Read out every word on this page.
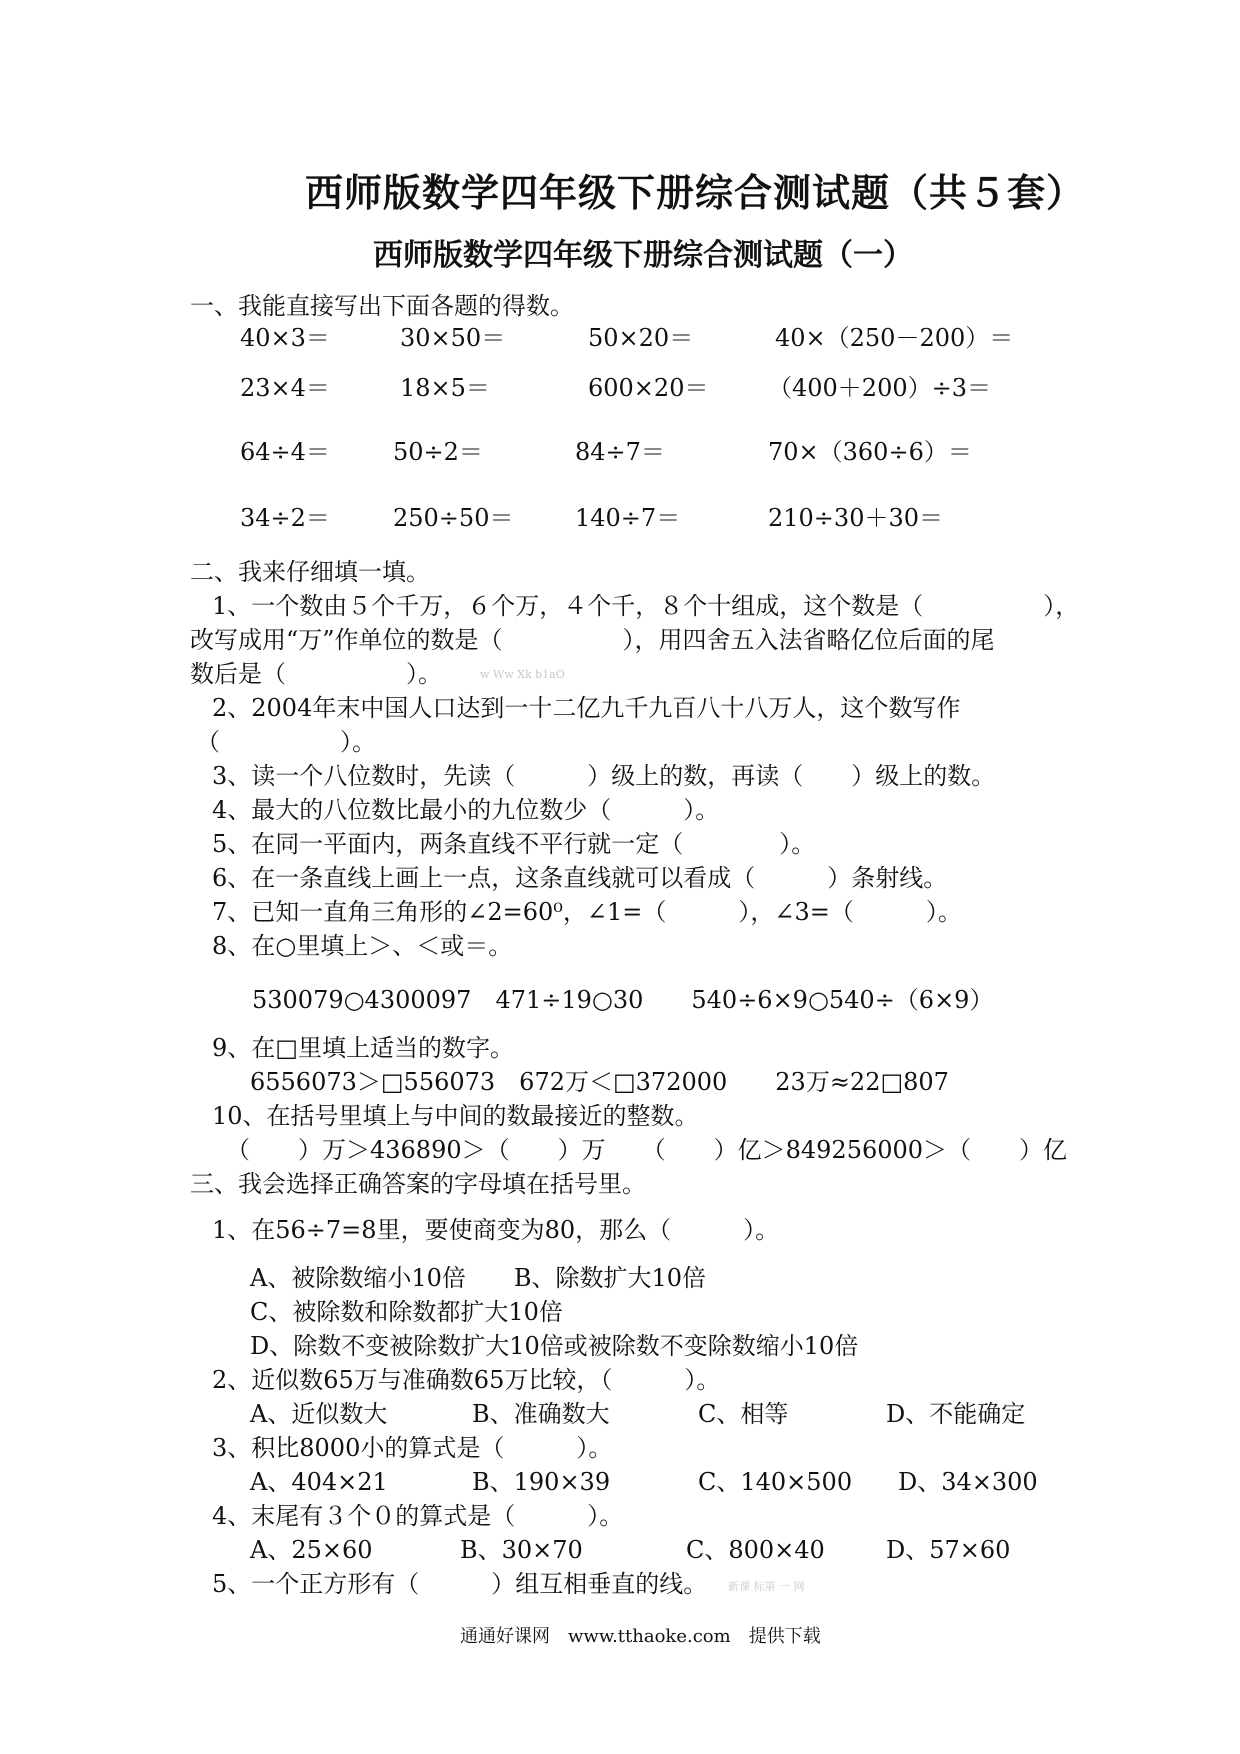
西师版数学四年级下册综合测试题（共５套）
西师版数学四年级下册综合测试题（一）
一、我能直接写出下面各题的得数。
40×3＝	30×50＝	50×20＝	40×（250－200）＝
23×4＝	18×5＝	600×20＝ （400＋200）÷3＝
64÷4＝	50÷2＝	84÷7＝	70×（360÷6）＝
34÷2＝	250÷50＝	140÷7＝	210÷30＋30＝
二、我来仔细填一填。
1、一个数由５个千万，６个万，４个千，８个十组成，这个数是（　　　　　），
改写成用“万”作单位的数是（　　　　　），用四舍五入法省略亿位后面的尾
数后是（　　　　　）。	w Ww Xk b1aO
2、2004年末中国人口达到一十二亿九千九百八十八万人，这个数写作
（　　　　　）。
3、读一个八位数时，先读（　　　）级上的数，再读（　　）级上的数。
4、最大的八位数比最小的九位数少（　　　）。
5、在同一平面内，两条直线不平行就一定（　　　　）。
6、在一条直线上画上一点，这条直线就可以看成（　　　）条射线。
7、已知一直角三角形的∠2=60⁰，∠1=（　　　），∠3=（　　　）。
8、在○里填上＞、＜或＝。
530079○4300097　471÷19○30　　540÷6×9○540÷（6×9）
9、在□里填上适当的数字。
6556073＞□556073　672万＜□372000　　23万≈22□807
10、在括号里填上与中间的数最接近的整数。
（　　）万＞436890＞（　　）万　　（　　）亿＞849256000＞（　　）亿
三、我会选择正确答案的字母填在括号里。
1、在56÷7=8里，要使商变为80，那么（　　　）。
A、被除数缩小10倍　　B、除数扩大10倍
C、被除数和除数都扩大10倍
D、除数不变被除数扩大10倍或被除数不变除数缩小10倍
2、近似数65万与准确数65万比较，（　　　）。
A、近似数大	B、准确数大	C、相等	D、不能确定
3、积比8000小的算式是（　　　）。
A、404×21	B、190×39	C、140×500 D、34×300
4、末尾有３个０的算式是（　　　）。
A、25×60	B、30×70	C、800×40	D、57×60
5、一个正方形有（　　　）组互相垂直的线。 新课 标第 一 网
通通好课网　www.tthaoke.com　提供下载
